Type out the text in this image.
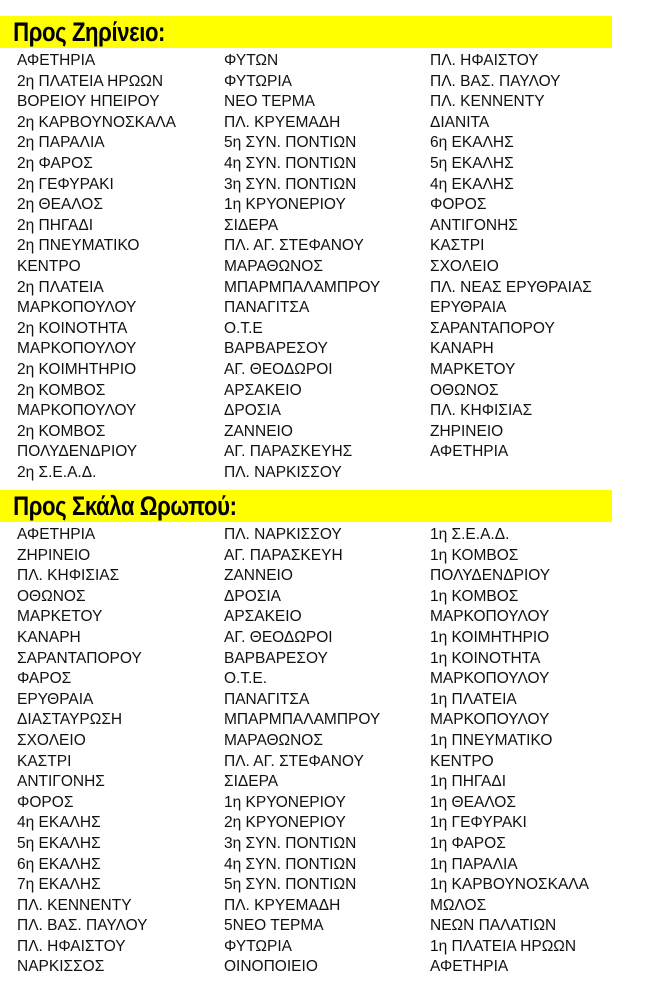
Προς Ζηρίνειο:
ΑΦΕΤΗΡΙΑ
2η ΠΛΑΤΕΙΑ ΗΡΩΩΝ
ΒΟΡΕΙΟΥ ΗΠΕΙΡΟΥ
2η ΚΑΡΒΟΥΝΟΣΚΑΛΑ
2η ΠΑΡΑΛΙΑ
2η ΦΑΡΟΣ
2η ΓΕΦΥΡΑΚΙ
2η ΘΕΑΛΟΣ
2η ΠΗΓΑΔΙ
2η ΠΝΕΥΜΑΤΙΚΟ
ΚΕΝΤΡΟ
2η ΠΛΑΤΕΙΑ
ΜΑΡΚΟΠΟΥΛΟΥ
2η ΚΟΙΝΟΤΗΤΑ
ΜΑΡΚΟΠΟΥΛΟΥ
2η ΚΟΙΜΗΤΗΡΙΟ
2η ΚΟΜΒΟΣ
ΜΑΡΚΟΠΟΥΛΟΥ
2η ΚΟΜΒΟΣ
ΠΟΛΥΔΕΝΔΡΙΟΥ
2η Σ.Ε.Α.Δ.
ΦΥΤΩΝ
ΦΥΤΩΡΙΑ
ΝΕΟ ΤΕΡΜΑ
ΠΛ. ΚΡΥΕΜΑΔΗ
5η ΣΥΝ. ΠΟΝΤΙΩΝ
4η ΣΥΝ. ΠΟΝΤΙΩΝ
3η ΣΥΝ. ΠΟΝΤΙΩΝ
1η ΚΡΥΟΝΕΡΙΟΥ
ΣΙΔΕΡΑ
ΠΛ. ΑΓ. ΣΤΕΦΑΝΟΥ
ΜΑΡΑΘΩΝΟΣ
ΜΠΑΡΜΠΑΛΑΜΠΡΟΥ
ΠΑΝΑΓΙΤΣΑ
Ο.Τ.Ε
ΒΑΡΒΑΡΕΣΟΥ
ΑΓ. ΘΕΟΔΩΡΟΙ
ΑΡΣΑΚΕΙΟ
ΔΡΟΣΙΑ
ΖΑΝΝΕΙΟ
ΑΓ. ΠΑΡΑΣΚΕΥΗΣ
ΠΛ. ΝΑΡΚΙΣΣΟΥ
ΠΛ. ΗΦΑΙΣΤΟΥ
ΠΛ. ΒΑΣ. ΠΑΥΛΟΥ
ΠΛ. ΚΕΝΝΕΝΤΥ
ΔΙΑΝΙΤΑ
6η ΕΚΑΛΗΣ
5η ΕΚΑΛΗΣ
4η ΕΚΑΛΗΣ
ΦΟΡΟΣ
ΑΝΤΙΓΟΝΗΣ
ΚΑΣΤΡΙ
ΣΧΟΛΕΙΟ
ΠΛ. ΝΕΑΣ ΕΡΥΘΡΑΙΑΣ
ΕΡΥΘΡΑΙΑ
ΣΑΡΑΝΤΑΠΟΡΟΥ
ΚΑΝΑΡΗ
ΜΑΡΚΕΤΟΥ
ΟΘΩΝΟΣ
ΠΛ. ΚΗΦΙΣΙΑΣ
ΖΗΡΙΝΕΙΟ
ΑΦΕΤΗΡΙΑ
Προς Σκάλα Ωρωπού:
ΑΦΕΤΗΡΙΑ
ΖΗΡΙΝΕΙΟ
ΠΛ. ΚΗΦΙΣΙΑΣ
ΟΘΩΝΟΣ
ΜΑΡΚΕΤΟΥ
ΚΑΝΑΡΗ
ΣΑΡΑΝΤΑΠΟΡΟΥ
ΦΑΡΟΣ
ΕΡΥΘΡΑΙΑ
ΔΙΑΣΤΑΥΡΩΣΗ
ΣΧΟΛΕΙΟ
ΚΑΣΤΡΙ
ΑΝΤΙΓΟΝΗΣ
ΦΟΡΟΣ
4η ΕΚΑΛΗΣ
5η ΕΚΑΛΗΣ
6η ΕΚΑΛΗΣ
7η ΕΚΑΛΗΣ
ΠΛ. ΚΕΝΝΕΝΤΥ
ΠΛ. ΒΑΣ. ΠΑΥΛΟΥ
ΠΛ. ΗΦΑΙΣΤΟΥ
ΝΑΡΚΙΣΣΟΣ
ΠΛ. ΝΑΡΚΙΣΣΟΥ
ΑΓ. ΠΑΡΑΣΚΕΥΗ
ΖΑΝΝΕΙΟ
ΔΡΟΣΙΑ
ΑΡΣΑΚΕΙΟ
ΑΓ. ΘΕΟΔΩΡΟΙ
ΒΑΡΒΑΡΕΣΟΥ
Ο.Τ.Ε.
ΠΑΝΑΓΙΤΣΑ
ΜΠΑΡΜΠΑΛΑΜΠΡΟΥ
ΜΑΡΑΘΩΝΟΣ
ΠΛ. ΑΓ. ΣΤΕΦΑΝΟΥ
ΣΙΔΕΡΑ
1η ΚΡΥΟΝΕΡΙΟΥ
2η ΚΡΥΟΝΕΡΙΟΥ
3η ΣΥΝ. ΠΟΝΤΙΩΝ
4η ΣΥΝ. ΠΟΝΤΙΩΝ
5η ΣΥΝ. ΠΟΝΤΙΩΝ
ΠΛ. ΚΡΥΕΜΑΔΗ
5ΝΕΟ ΤΕΡΜΑ
ΦΥΤΩΡΙΑ
ΟΙΝΟΠΟΙΕΙΟ
1η Σ.Ε.Α.Δ.
1η ΚΟΜΒΟΣ
ΠΟΛΥΔΕΝΔΡΙΟΥ
1η ΚΟΜΒΟΣ
ΜΑΡΚΟΠΟΥΛΟΥ
1η ΚΟΙΜΗΤΗΡΙΟ
1η ΚΟΙΝΟΤΗΤΑ
ΜΑΡΚΟΠΟΥΛΟΥ
1η ΠΛΑΤΕΙΑ
ΜΑΡΚΟΠΟΥΛΟΥ
1η ΠΝΕΥΜΑΤΙΚΟ
ΚΕΝΤΡΟ
1η ΠΗΓΑΔΙ
1η ΘΕΑΛΟΣ
1η ΓΕΦΥΡΑΚΙ
1η ΦΑΡΟΣ
1η ΠΑΡΑΛΙΑ
1η ΚΑΡΒΟΥΝΟΣΚΑΛΑ
ΜΩΛΟΣ
ΝΕΩΝ ΠΑΛΑΤΙΩΝ
1η ΠΛΑΤΕΙΑ ΗΡΩΩΝ
ΑΦΕΤΗΡΙΑ
